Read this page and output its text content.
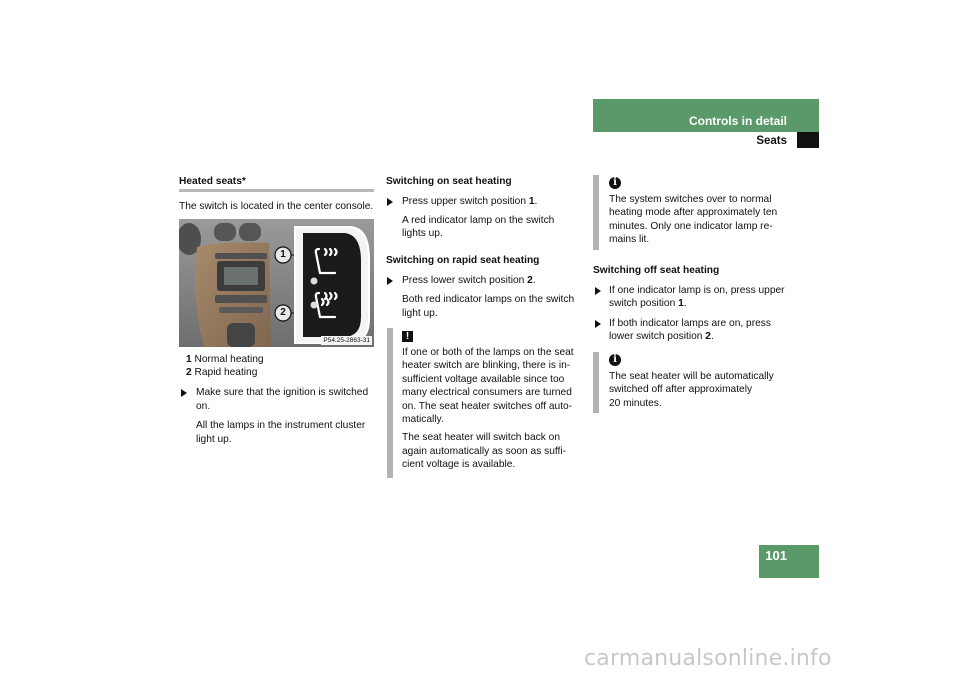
Controls in detail
Seats
Heated seats*
The switch is located in the center console.
1
2
P54.25-2863-31
1 Normal heating
2 Rapid heating
Make sure that the ignition is switched
on.
All the lamps in the instrument cluster
light up.
Switching on seat heating
Press upper switch position 1.
A red indicator lamp on the switch
lights up.
Switching on rapid seat heating
Press lower switch position 2.
Both red indicator lamps on the switch
light up.
!
If one or both of the lamps on the seat
heater switch are blinking, there is in-
sufficient voltage available since too
many electrical consumers are turned
on. The seat heater switches off auto-
matically.
The seat heater will switch back on
again automatically as soon as suffi-
cient voltage is available.
i
The system switches over to normal
heating mode after approximately ten
minutes. Only one indicator lamp re-
mains lit.
Switching off seat heating
If one indicator lamp is on, press upper
switch position 1.
If both indicator lamps are on, press
lower switch position 2.
i
The seat heater will be automatically
switched off after approximately
20 minutes.
101
carmanualsonline.info
